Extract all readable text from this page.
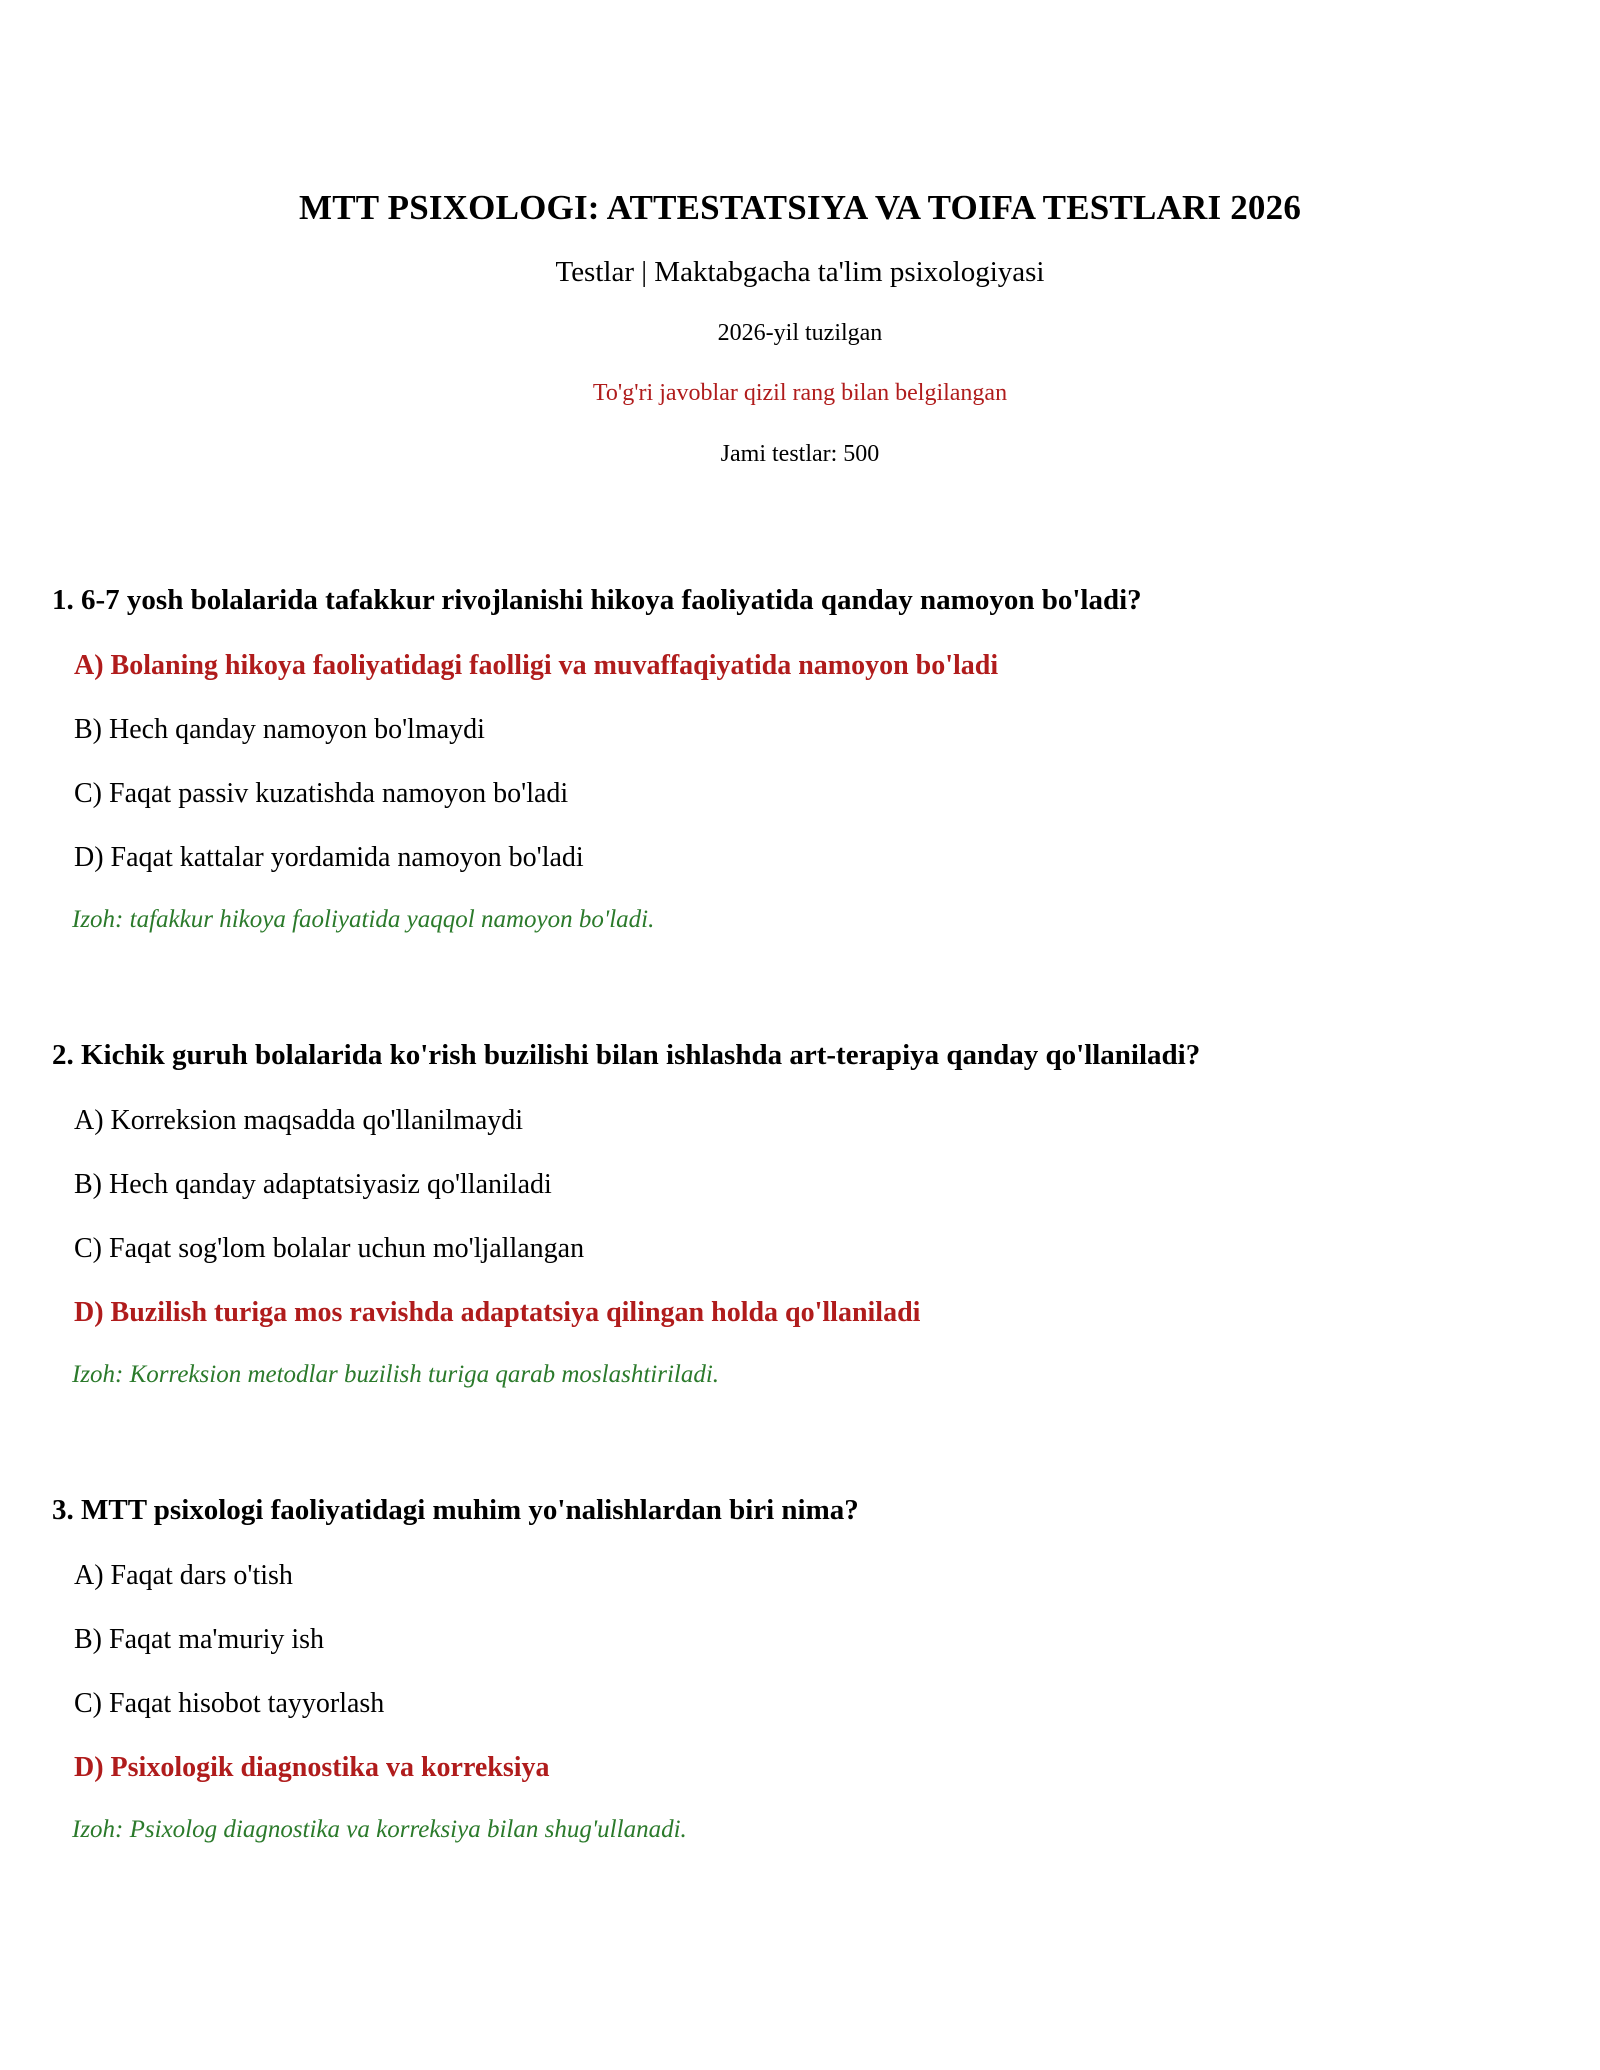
MTT PSIXOLOGI: ATTESTATSIYA VA TOIFA TESTLARI 2026
Testlar | Maktabgacha ta'lim psixologiyasi
2026-yil tuzilgan
To'g'ri javoblar qizil rang bilan belgilangan
Jami testlar: 500

1. 6-7 yosh bolalarida tafakkur rivojlanishi hikoya faoliyatida qanday namoyon bo'ladi?

A) Bolaning hikoya faoliyatidagi faolligi va muvaffaqiyatida namoyon bo'ladi
B) Hech qanday namoyon bo'lmaydi
C) Faqat passiv kuzatishda namoyon bo'ladi
D) Faqat kattalar yordamida namoyon bo'ladi
Izoh: tafakkur hikoya faoliyatida yaqqol namoyon bo'ladi.

2. Kichik guruh bolalarida ko'rish buzilishi bilan ishlashda art-terapiya qanday qo'llaniladi?

A) Korreksion maqsadda qo'llanilmaydi
B) Hech qanday adaptatsiyasiz qo'llaniladi
C) Faqat sog'lom bolalar uchun mo'ljallangan
D) Buzilish turiga mos ravishda adaptatsiya qilingan holda qo'llaniladi
Izoh: Korreksion metodlar buzilish turiga qarab moslashtiriladi.

3. MTT psixologi faoliyatidagi muhim yo'nalishlardan biri nima?

A) Faqat dars o'tish
B) Faqat ma'muriy ish
C) Faqat hisobot tayyorlash
D) Psixologik diagnostika va korreksiya
Izoh: Psixolog diagnostika va korreksiya bilan shug'ullanadi.
